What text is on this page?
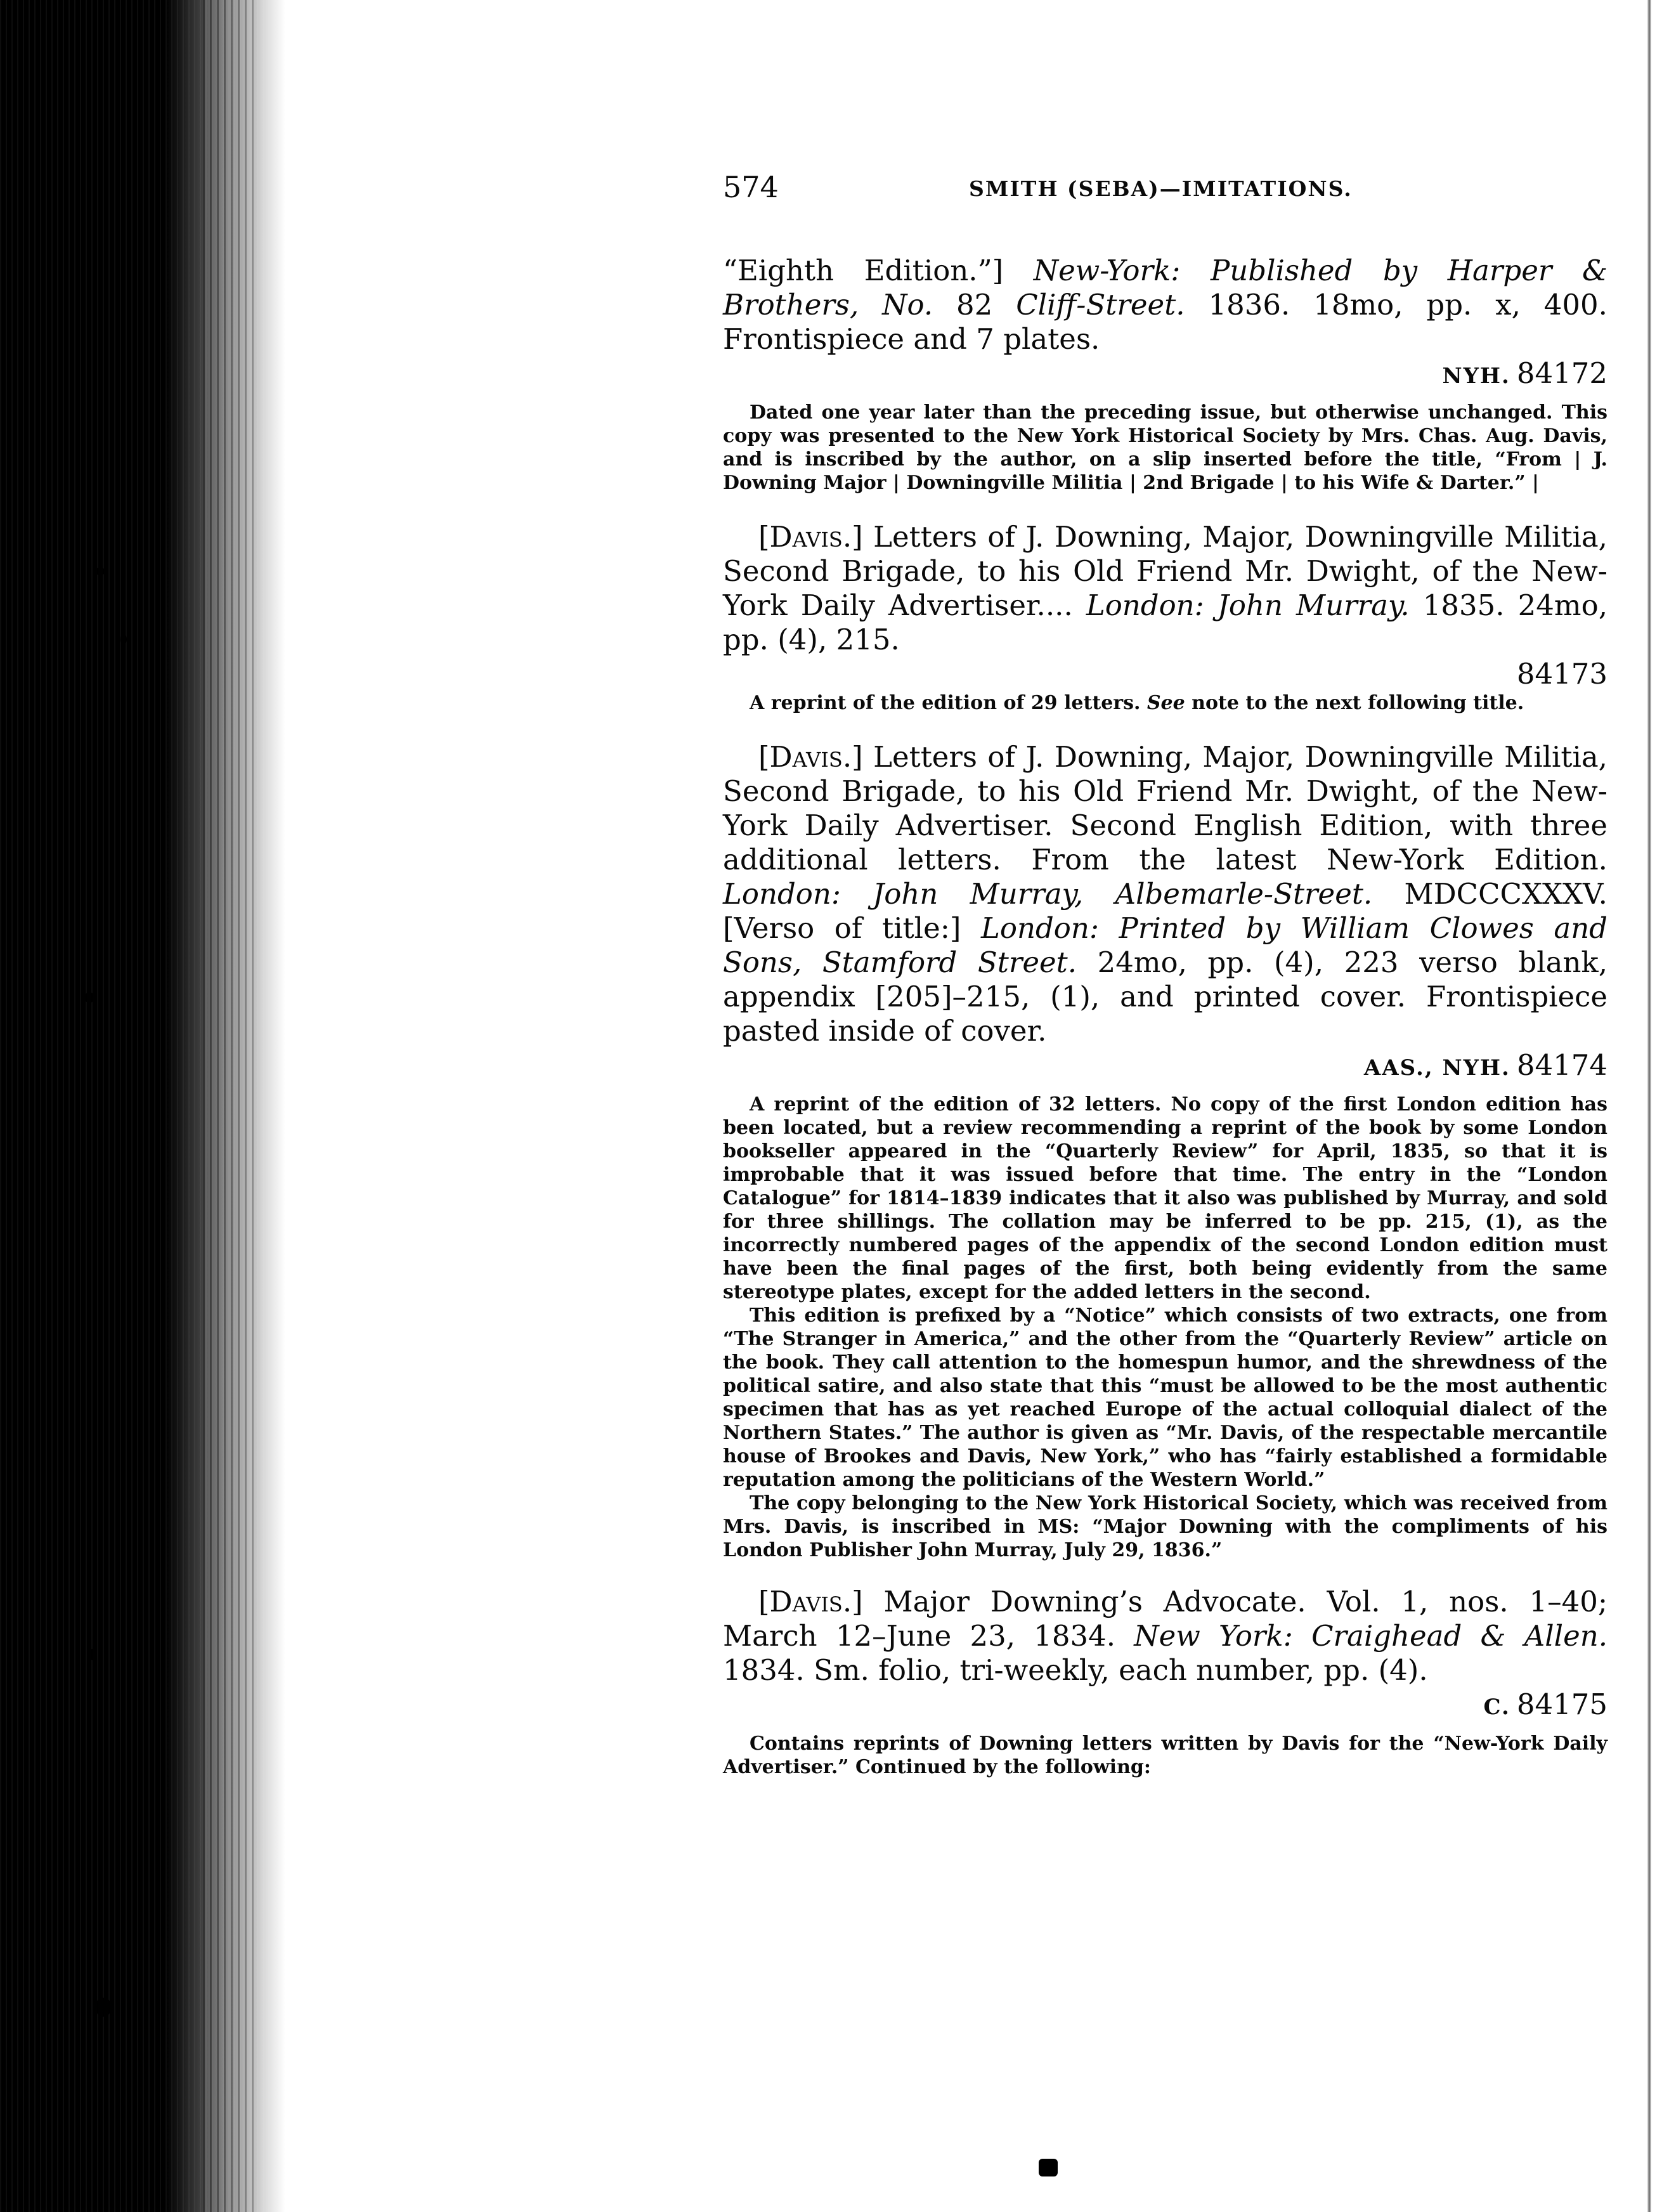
574	SMITH (SEBA)—IMITATIONS.

“Eighth Edition.”] New-York: Published by Harper & Brothers, No. 82 Cliff-Street. 1836. 18mo, pp. x, 400. Frontispiece and 7 plates.

NYH. 84172

Dated one year later than the preceding issue, but otherwise unchanged. This copy was presented to the New York Historical Society by Mrs. Chas. Aug. Davis, and is inscribed by the author, on a slip inserted before the title, “From | J. Downing Major | Downingville Militia | 2nd Brigade | to his Wife & Darter.” |

[Davis.] Letters of J. Downing, Major, Downingville Militia, Second Brigade, to his Old Friend Mr. Dwight, of the New-York Daily Advertiser.... London: John Murray. 1835. 24mo, pp. (4), 215.

84173

A reprint of the edition of 29 letters. See note to the next following title.

[Davis.] Letters of J. Downing, Major, Downingville Militia, Second Brigade, to his Old Friend Mr. Dwight, of the New-York Daily Advertiser. Second English Edition, with three additional letters. From the latest New-York Edition. London: John Murray, Albemarle-Street. MDCCCXXXV. [Verso of title:] London: Printed by William Clowes and Sons, Stamford Street. 24mo, pp. (4), 223 verso blank, appendix [205]–215, (1), and printed cover. Frontispiece pasted inside of cover.

AAS., NYH. 84174

A reprint of the edition of 32 letters. No copy of the first London edition has been located, but a review recommending a reprint of the book by some London bookseller appeared in the “Quarterly Review” for April, 1835, so that it is improbable that it was issued before that time. The entry in the “London Catalogue” for 1814–1839 indicates that it also was published by Murray, and sold for three shillings. The collation may be inferred to be pp. 215, (1), as the incorrectly numbered pages of the appendix of the second London edition must have been the final pages of the first, both being evidently from the same stereotype plates, except for the added letters in the second.

This edition is prefixed by a “Notice” which consists of two extracts, one from “The Stranger in America,” and the other from the “Quarterly Review” article on the book. They call attention to the homespun humor, and the shrewdness of the political satire, and also state that this “must be allowed to be the most authentic specimen that has as yet reached Europe of the actual colloquial dialect of the Northern States.” The author is given as “Mr. Davis, of the respectable mercantile house of Brookes and Davis, New York,” who has “fairly established a formidable reputation among the politicians of the Western World.”

The copy belonging to the New York Historical Society, which was received from Mrs. Davis, is inscribed in MS: “Major Downing with the compliments of his London Publisher John Murray, July 29, 1836.”

[Davis.] Major Downing’s Advocate. Vol. 1, nos. 1–40; March 12–June 23, 1834. New York: Craighead & Allen. 1834. Sm. folio, tri-weekly, each number, pp. (4).

C. 84175

Contains reprints of Downing letters written by Davis for the “New-York Daily Advertiser.” Continued by the following:
